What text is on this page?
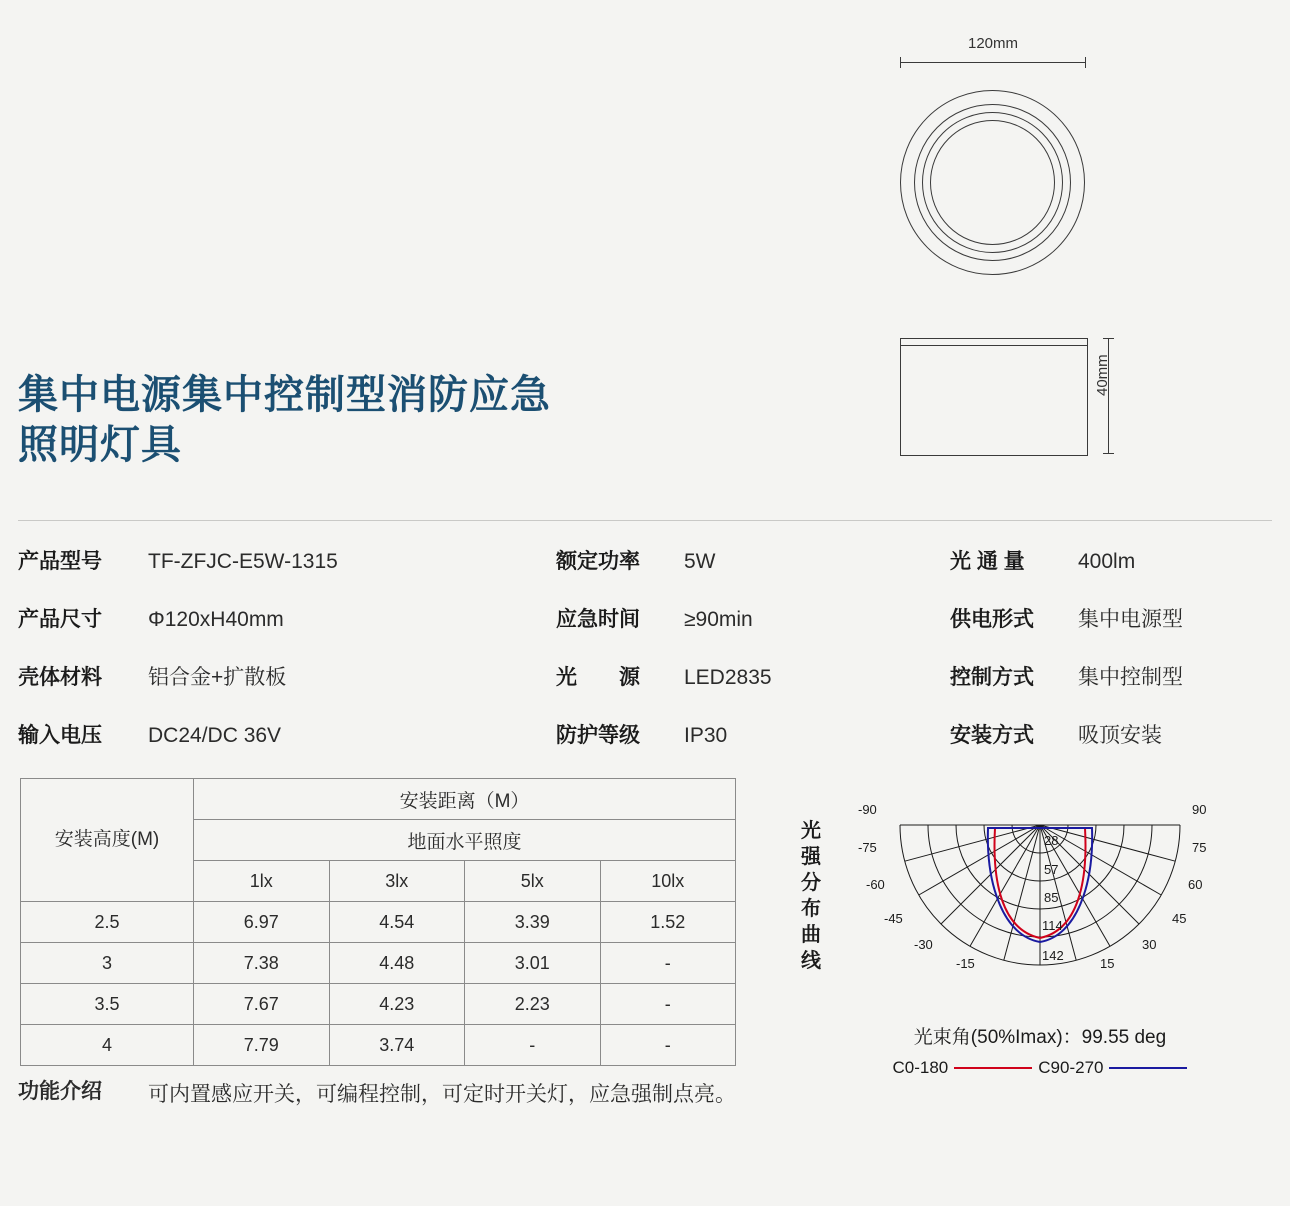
120mm
40mm
集中电源集中控制型消防应急
照明灯具
产品型号	TF-ZFJC-E5W-1315
产品尺寸	Φ120xH40mm
壳体材料	铝合金+扩散板
输入电压	DC24/DC 36V
额定功率	5W
应急时间	≥90min
光　　源	LED2835
防护等级	IP30
光 通 量	400lm
供电形式	集中电源型
控制方式	集中控制型
安装方式	吸顶安装
安装高度(M)	安装距离（M）			
	地面水平照度			
	1lx	3lx	5lx	10lx
2.5	6.97	4.54	3.39	1.52
3	7.38	4.48	3.01	-
3.5	7.67	4.23	2.23	-
4	7.79	3.74	-	-
功能介绍	可内置感应开关，可编程控制，可定时开关灯，应急强制点亮。
光强分布曲线
-90
-75
-60
-45
-30
-15
90
75
60
45
30
15
28
57
85
114
142
光束角(50%Imax)：99.55 deg
C0-180	C90-270
